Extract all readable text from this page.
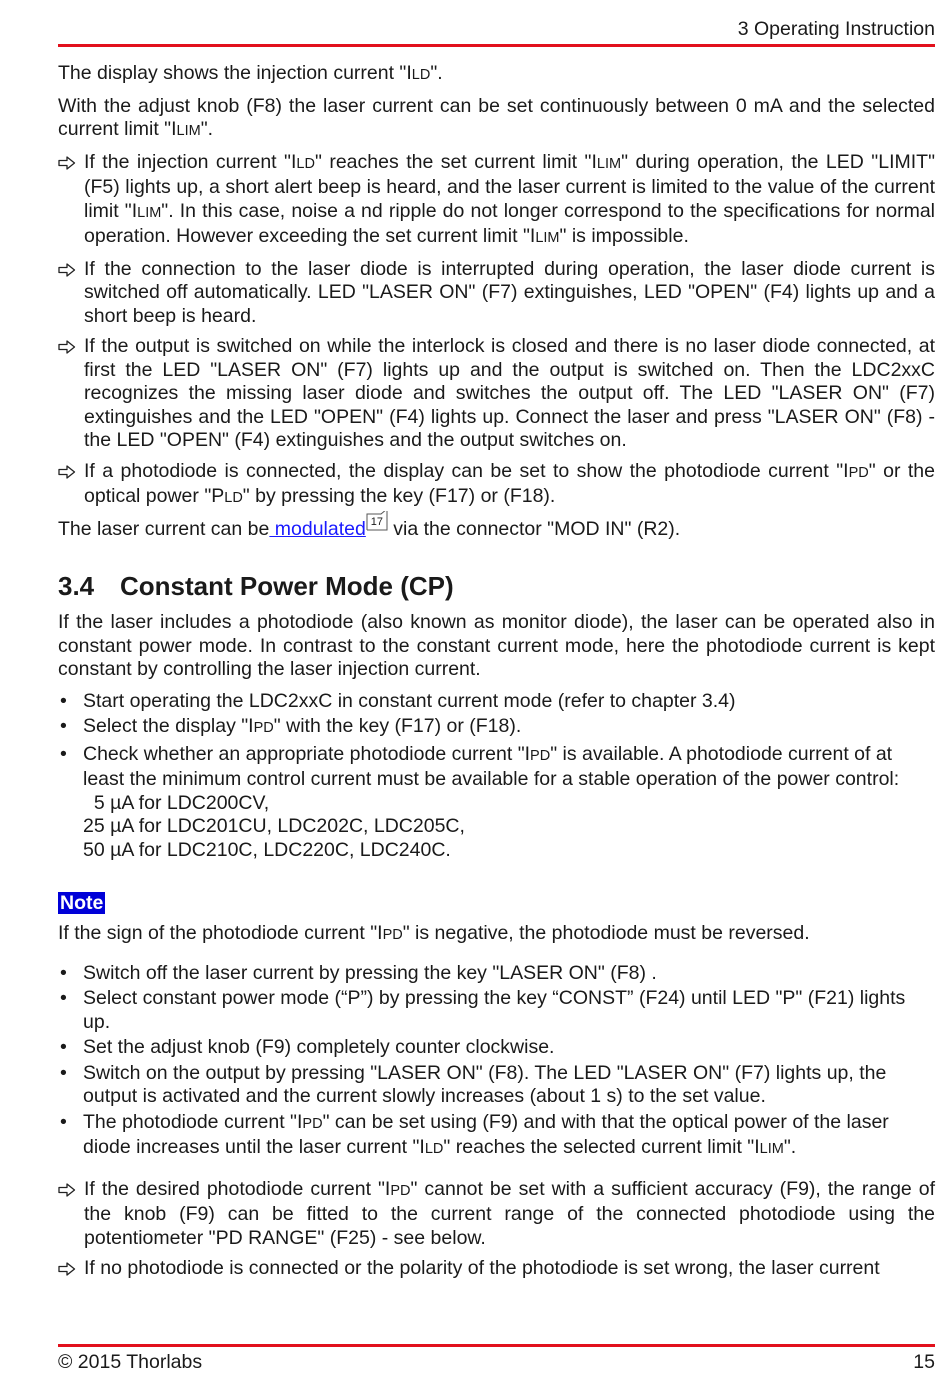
3 Operating Instruction

The display shows the injection current "ILD".

With the adjust knob (F8) the laser current can be set continuously between 0 mA and the selected current limit "ILIM".

If the injection current "ILD" reaches the set current limit "ILIM" during operation, the LED "LIMIT" (F5) lights up, a short alert beep is heard, and the laser current is limited to the value of the current limit "ILIM". In this case, noise a nd ripple do not longer correspond to the specifications for normal operation. However exceeding the set current limit "ILIM" is impossible.
If the connection to the laser diode is interrupted during operation, the laser diode current is switched off automatically. LED "LASER ON" (F7) extinguishes, LED "OPEN" (F4) lights up and a short beep is heard.
If the output is switched on while the interlock is closed and there is no laser diode connected, at first the LED "LASER ON" (F7) lights up and the output is switched on. Then the LDC2xxC recognizes the missing laser diode and switches the output off. The LED "LASER ON" (F7) extinguishes and the LED "OPEN" (F4) lights up. Connect the laser and press "LASER ON" (F8) - the LED "OPEN" (F4) extinguishes and the output switches on.
If a photodiode is connected, the display can be set to show the photodiode current "IPD" or the optical power "PLD" by pressing the key (F17) or (F18).

The laser current can be modulated 17 via the connector "MOD IN" (R2).

3.4 Constant Power Mode (CP)

If the laser includes a photodiode (also known as monitor diode), the laser can be operated also in constant power mode. In contrast to the constant current mode, here the photodiode current is kept constant by controlling the laser injection current.

• Start operating the LDC2xxC in constant current mode (refer to chapter 3.4)
• Select the display "IPD" with the key (F17) or (F18).
• Check whether an appropriate photodiode current "IPD" is available. A photodiode current of at least the minimum control current must be available for a stable operation of the power control:
5 µA for LDC200CV,
25 µA for LDC201CU, LDC202C, LDC205C,
50 µA for LDC210C, LDC220C, LDC240C.
Note

If the sign of the photodiode current "IPD" is negative, the photodiode must be reversed.

• Switch off the laser current by pressing the key "LASER ON" (F8) .
• Select constant power mode (“P”) by pressing the key “CONST” (F24) until LED "P" (F21) lights up.
• Set the adjust knob (F9) completely counter clockwise.
• Switch on the output by pressing "LASER ON" (F8). The LED "LASER ON" (F7) lights up, the output is activated and the current slowly increases (about 1 s) to the set value.
• The photodiode current "IPD" can be set using (F9) and with that the optical power of the laser diode increases until the laser current "ILD" reaches the selected current limit "ILIM".
If the desired photodiode current "IPD" cannot be set with a sufficient accuracy (F9), the range of the knob (F9) can be fitted to the current range of the connected photodiode using the potentiometer "PD RANGE" (F25) - see below.
If no photodiode is connected or the polarity of the photodiode is set wrong, the laser current
© 2015 Thorlabs	15
